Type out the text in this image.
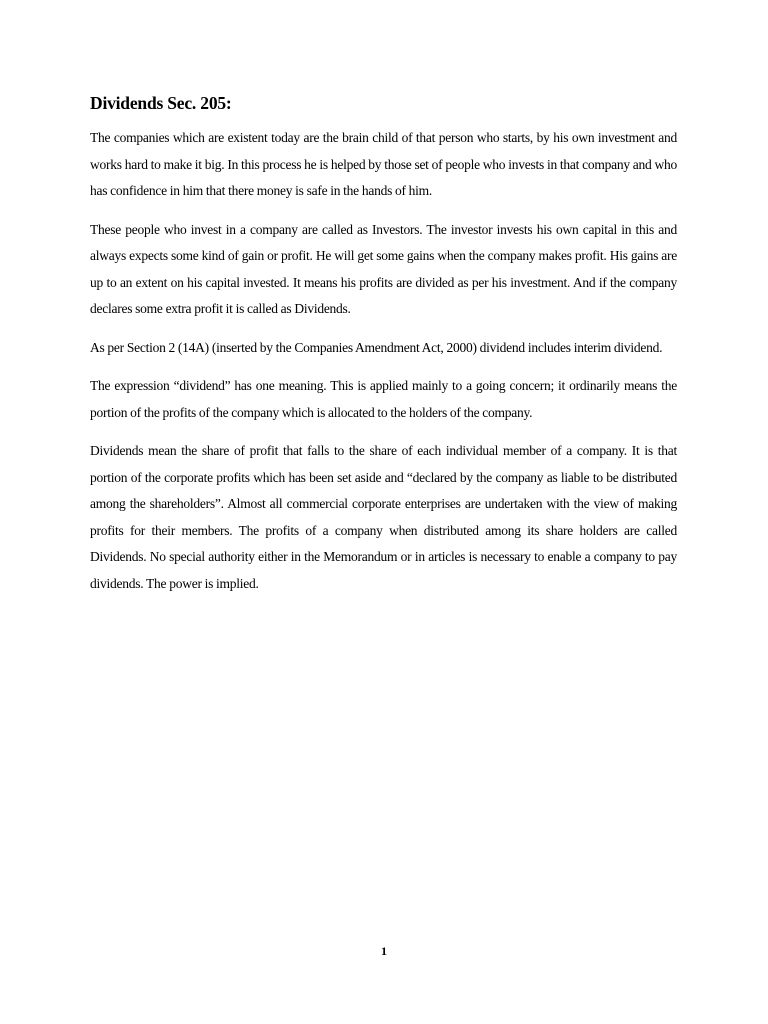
Dividends Sec. 205:

The companies which are existent today are the brain child of that person who starts, by his own investment and works hard to make it big. In this process he is helped by those set of people who invests in that company and who has confidence in him that there money is safe in the hands of him.

These people who invest in a company are called as Investors. The investor invests his own capital in this and always expects some kind of gain or profit. He will get some gains when the company makes profit. His gains are up to an extent on his capital invested. It means his profits are divided as per his investment. And if the company declares some extra profit it is called as Dividends.

As per Section 2 (14A) (inserted by the Companies Amendment Act, 2000) dividend includes interim dividend.

The expression “dividend” has one meaning. This is applied mainly to a going concern; it ordinarily means the portion of the profits of the company which is allocated to the holders of the company.

Dividends mean the share of profit that falls to the share of each individual member of a company. It is that portion of the corporate profits which has been set aside and “declared by the company as liable to be distributed among the shareholders”. Almost all commercial corporate enterprises are undertaken with the view of making profits for their members. The profits of a company when distributed among its share holders are called Dividends. No special authority either in the Memorandum or in articles is necessary to enable a company to pay dividends. The power is implied.

1
